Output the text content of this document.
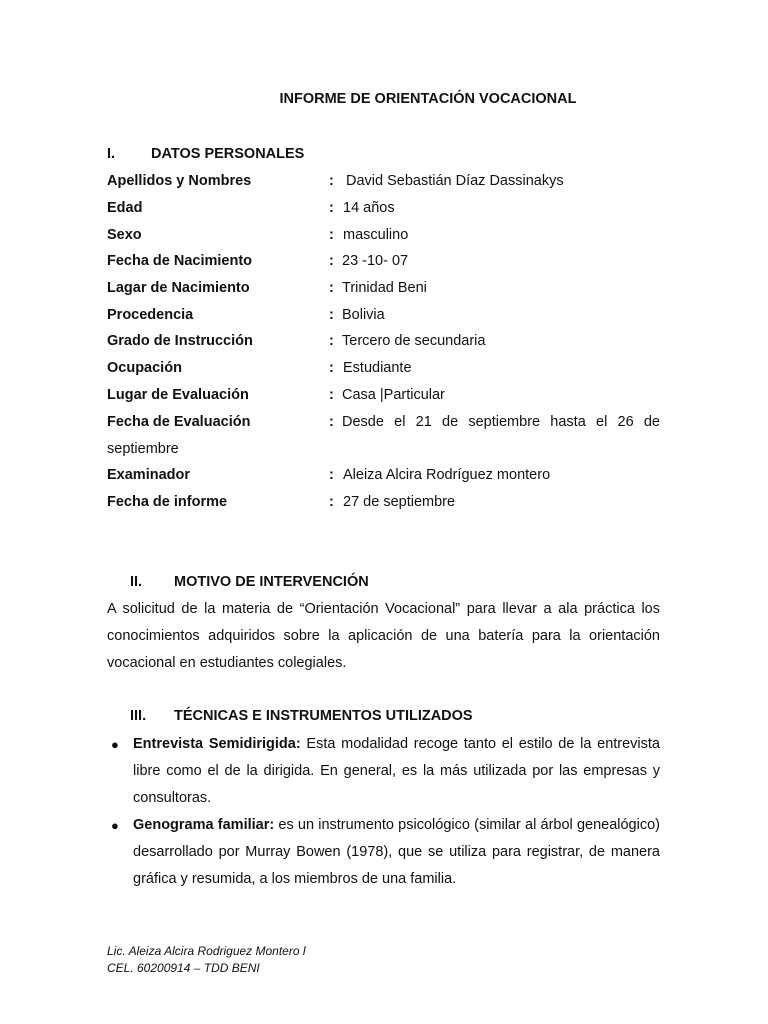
INFORME DE ORIENTACIÓN VOCACIONAL
I. DATOS PERSONALES
Apellidos y Nombres	: David Sebastián Díaz Dassinakys
Edad	: 14 años
Sexo	: masculino
Fecha de Nacimiento	: 23 -10- 07
Lagar de Nacimiento	: Trinidad Beni
Procedencia	: Bolivia
Grado de Instrucción	: Tercero de secundaria
Ocupación	: Estudiante
Lugar de Evaluación	: Casa |Particular
Fecha de Evaluación	: Desde el 21 de septiembre hasta el 26 de
septiembre
Examinador	: Aleiza Alcira Rodríguez montero
Fecha de informe	: 27 de septiembre
II. MOTIVO DE INTERVENCIÓN
A solicitud de la materia de “Orientación Vocacional” para llevar a ala práctica los conocimientos adquiridos sobre la aplicación de una batería para la orientación vocacional en estudiantes colegiales.
III. TÉCNICAS E INSTRUMENTOS UTILIZADOS
● Entrevista Semidirigida: Esta modalidad recoge tanto el estilo de la entrevista libre como el de la dirigida. En general, es la más utilizada por las empresas y consultoras.
● Genograma familiar: es un instrumento psicológico (similar al árbol genealógico) desarrollado por Murray Bowen (1978), que se utiliza para registrar, de manera gráfica y resumida, a los miembros de una familia.
Lic. Aleiza Alcira Rodriguez Montero l
CEL. 60200914 – TDD BENI
